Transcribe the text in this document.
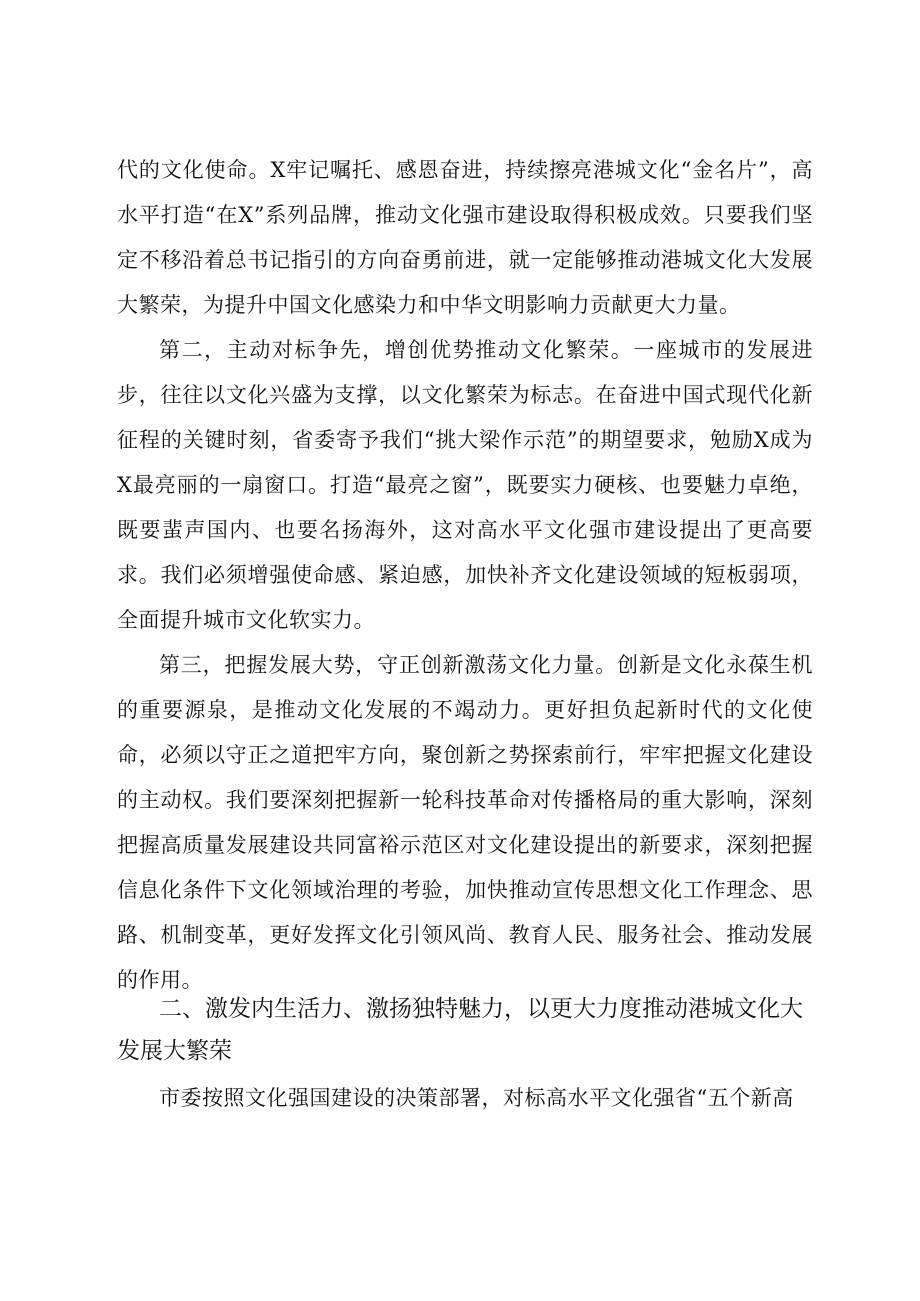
代的文化使命。X牢记嘱托、感恩奋进，持续擦亮港城文化“金名片”，高水平打造“在X”系列品牌，推动文化强市建设取得积极成效。只要我们坚定不移沿着总书记指引的方向奋勇前进，就一定能够推动港城文化大发展大繁荣，为提升中国文化感染力和中华文明影响力贡献更大力量。

第二，主动对标争先，增创优势推动文化繁荣。一座城市的发展进步，往往以文化兴盛为支撑，以文化繁荣为标志。在奋进中国式现代化新征程的关键时刻，省委寄予我们“挑大梁作示范”的期望要求，勉励X成为X最亮丽的一扇窗口。打造“最亮之窗”，既要实力硬核、也要魅力卓绝，既要蜚声国内、也要名扬海外，这对高水平文化强市建设提出了更高要求。我们必须增强使命感、紧迫感，加快补齐文化建设领域的短板弱项，全面提升城市文化软实力。

第三，把握发展大势，守正创新激荡文化力量。创新是文化永葆生机的重要源泉，是推动文化发展的不竭动力。更好担负起新时代的文化使命，必须以守正之道把牢方向，聚创新之势探索前行，牢牢把握文化建设的主动权。我们要深刻把握新一轮科技革命对传播格局的重大影响，深刻把握高质量发展建设共同富裕示范区对文化建设提出的新要求，深刻把握信息化条件下文化领域治理的考验，加快推动宣传思想文化工作理念、思路、机制变革，更好发挥文化引领风尚、教育人民、服务社会、推动发展的作用。

二、激发内生活力、激扬独特魅力，以更大力度推动港城文化大
发展大繁荣

市委按照文化强国建设的决策部署，对标高水平文化强省“五个新高
